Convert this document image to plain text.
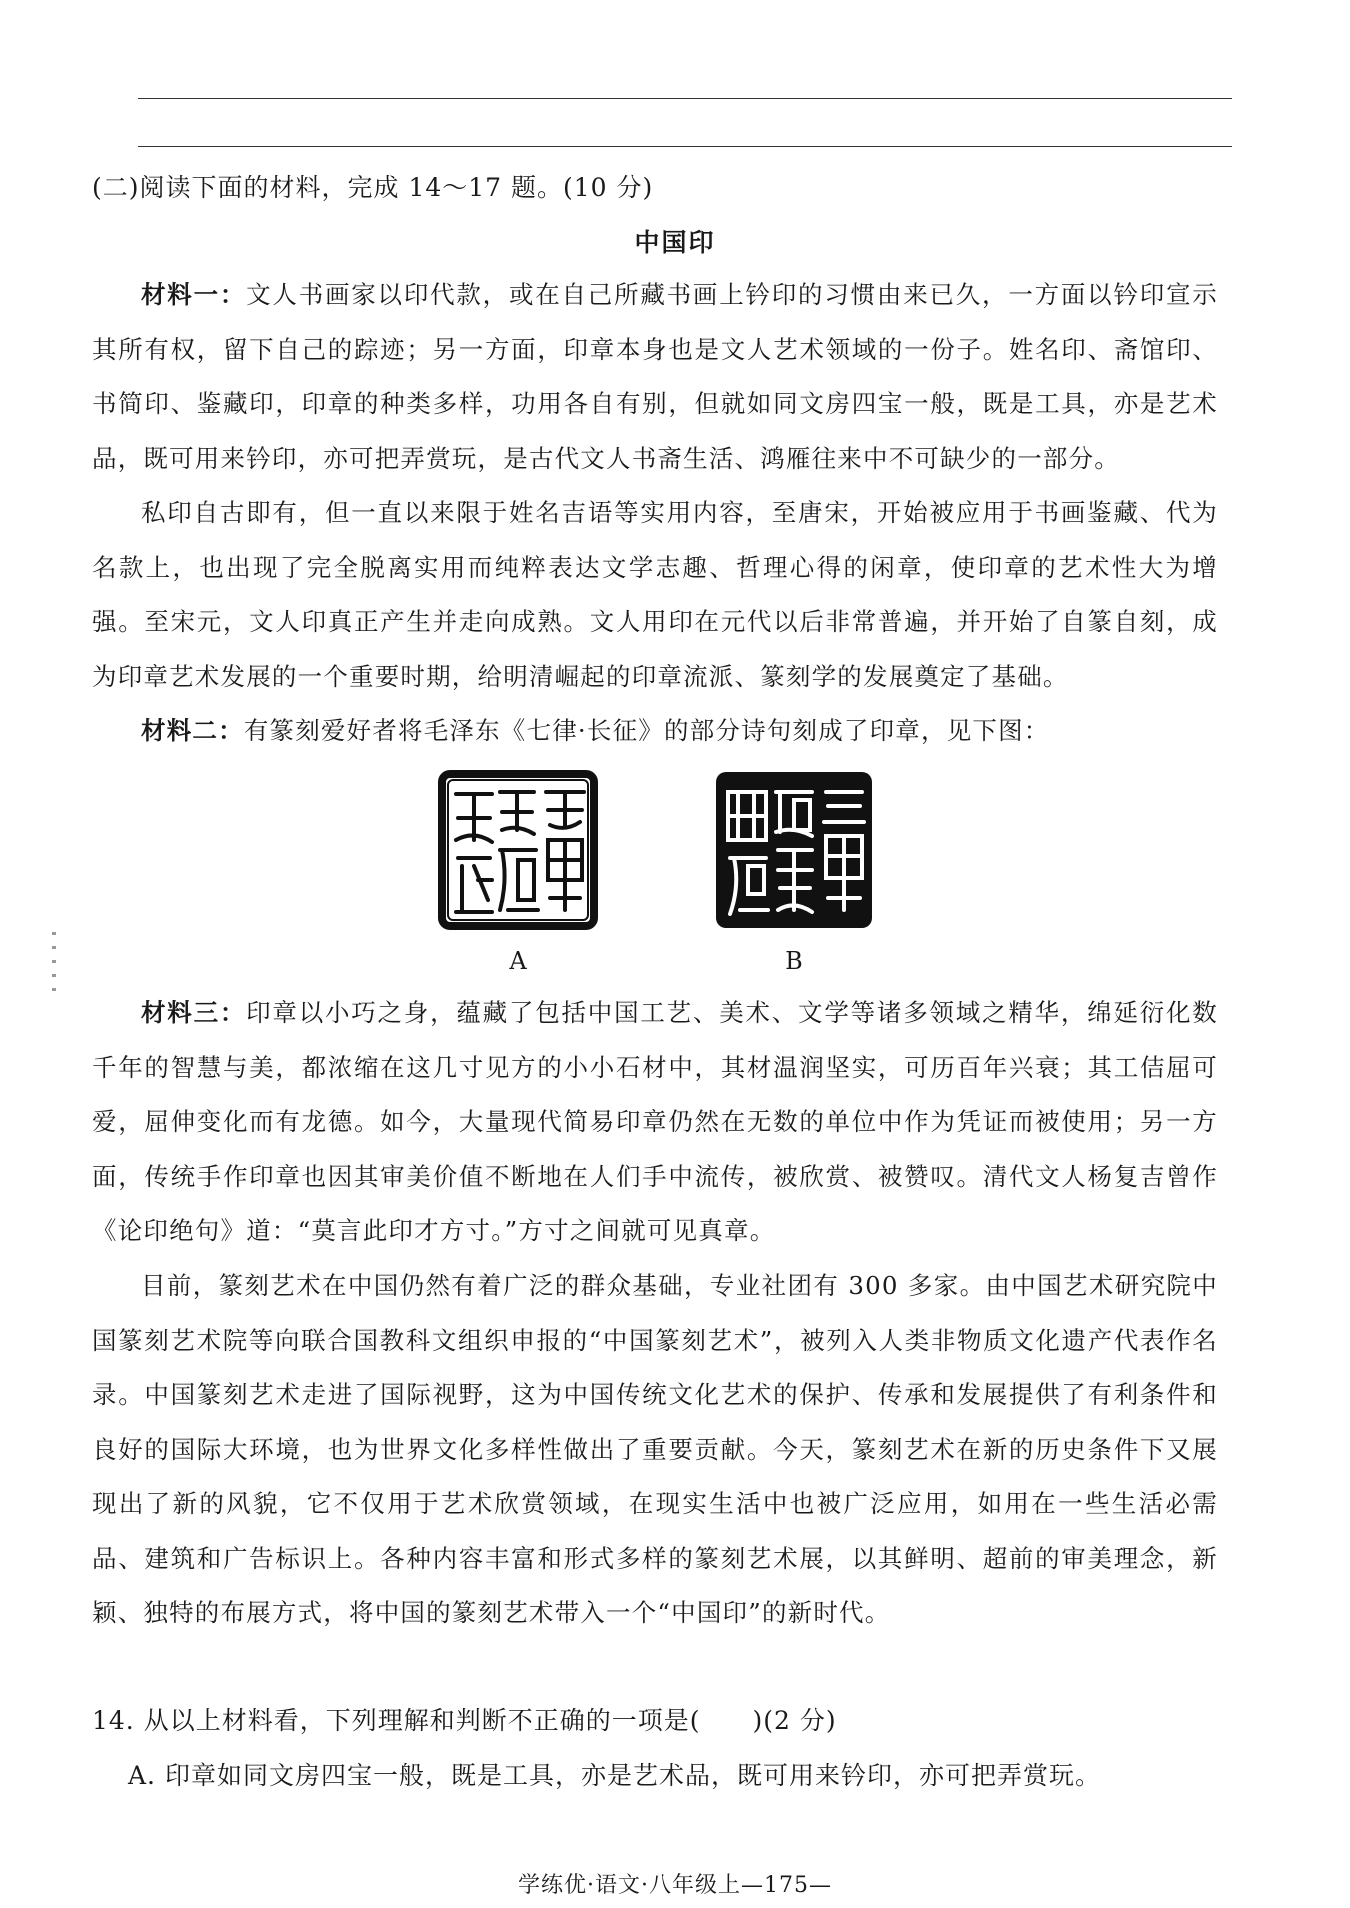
(二)阅读下面的材料，完成 14～17 题。(10 分)
中国印

材料一：文人书画家以印代款，或在自己所藏书画上钤印的习惯由来已久，一方面以钤印宣示其所有权，留下自己的踪迹；另一方面，印章本身也是文人艺术领域的一份子。姓名印、斋馆印、书简印、鉴藏印，印章的种类多样，功用各自有别，但就如同文房四宝一般，既是工具，亦是艺术品，既可用来钤印，亦可把弄赏玩，是古代文人书斋生活、鸿雁往来中不可缺少的一部分。

私印自古即有，但一直以来限于姓名吉语等实用内容，至唐宋，开始被应用于书画鉴藏、代为名款上，也出现了完全脱离实用而纯粹表达文学志趣、哲理心得的闲章，使印章的艺术性大为增强。至宋元，文人印真正产生并走向成熟。文人用印在元代以后非常普遍，并开始了自篆自刻，成为印章艺术发展的一个重要时期，给明清崛起的印章流派、篆刻学的发展奠定了基础。

材料二：有篆刻爱好者将毛泽东《七律·长征》的部分诗句刻成了印章，见下图：

A	B

材料三：印章以小巧之身，蕴藏了包括中国工艺、美术、文学等诸多领域之精华，绵延衍化数千年的智慧与美，都浓缩在这几寸见方的小小石材中，其材温润坚实，可历百年兴衰；其工佶屈可爱，屈伸变化而有龙德。如今，大量现代简易印章仍然在无数的单位中作为凭证而被使用；另一方面，传统手作印章也因其审美价值不断地在人们手中流传，被欣赏、被赞叹。清代文人杨复吉曾作《论印绝句》道：“莫言此印才方寸。”方寸之间就可见真章。

目前，篆刻艺术在中国仍然有着广泛的群众基础，专业社团有 300 多家。由中国艺术研究院中国篆刻艺术院等向联合国教科文组织申报的“中国篆刻艺术”，被列入人类非物质文化遗产代表作名录。中国篆刻艺术走进了国际视野，这为中国传统文化艺术的保护、传承和发展提供了有利条件和良好的国际大环境，也为世界文化多样性做出了重要贡献。今天，篆刻艺术在新的历史条件下又展现出了新的风貌，它不仅用于艺术欣赏领域，在现实生活中也被广泛应用，如用在一些生活必需品、建筑和广告标识上。各种内容丰富和形式多样的篆刻艺术展，以其鲜明、超前的审美理念，新颖、独特的布展方式，将中国的篆刻艺术带入一个“中国印”的新时代。

14. 从以上材料看，下列理解和判断不正确的一项是(　　)(2 分)
A. 印章如同文房四宝一般，既是工具，亦是艺术品，既可用来钤印，亦可把弄赏玩。
学练优·语文·八年级上—175—
